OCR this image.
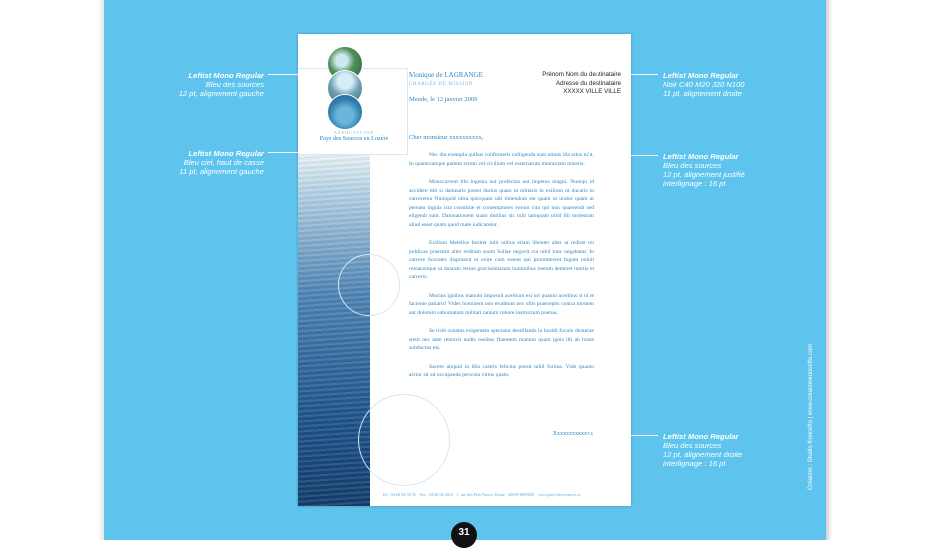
Leftist Mono Regular
Bleu des sources
12 pt, alignement gauche
Leftist Mono Regular
Bleu ciel, haut de casse
11 pt, alignement gauche
Leftist Mono Regular
Noir C40 M20 J20 N100
11 pt, alignement droite
Leftist Mono Regular
Bleu des sources
12 pt, alignement justifié
interlignage : 16 pt
Leftist Mono Regular
Bleu des sources
12 pt, alignement droite
interlignage : 16 pt	Création : Studio Koncefto | www.creationkoncefto.com
ASSOCIATION
Pays des Sources en Lozère
Monique de LAGRANGE
CHARGÉE DE MISSION
Prénom Nom du destinataire
Adresse du destinataire
XXXXX VILLE VILLE
Mende, le 12 janvier 2009
Cher monsieur xxxxxxxxxx,

Nec diu exempla quibus confirmeris colligenda sunt omnis illa artus tulit. In quamcumque partem rerum vel civilium vel externarum memoriam miseris.

Mouccurrent tibi ingenia aut profectus aut impetus magni. Numqu id accidere tibi si damnaris potest durius quam ut mittaris in exilium ut ducaris in carceremu Numquid ultra quicquam ulli timendum est quam ut uratur quam ut pereatu ingula ista constitue et contemptores eorum cita qui non quaerendi sed eligendi sunt. Damnationem suam dutilius sic tulit tamquam nihil illi molestum aliud esset quam quod male iudicaretur.

Exilium Metellus fortiter tulit utilius etiam libenter alter ut rediret rei publicae praestitit alter reditum suum Sullae negavit cui nihil tunc negabatur. In carcere Socrates disputavit et exire cum essent qui promitterent fugam noluit remansitque ut duarum rerum gravissimarum hominibus metum demeret mortis et carceris.

Mucius ignibus manum imposuit acerbum est uri quanto acerbius si id te faciente patiaris! Vides hominem non eruditum nec ullis praeceptis contra mortem aut dolorem subornatum militari tantum robore instructum poenas.

Se irriti conatus exigentem spectator destillantis in hostili foculo dexterae stetit nec ante removit nudis ossibus fluentem manum quam ignis illi ab hoste subductus est.

Sacere aliquid in illis castris felicius potuit nihil fortius. Vide quanto acrior sit ad occupanda pericula virtus quam.

Xxxxxxxxxxxxx
Tél : 04 66 94 94 35 · Fax : 04 66 94 2013 · 1, rue des Prés Nouvo Dome · 48000 MENDE · www.pays-des-sources.fr
31
